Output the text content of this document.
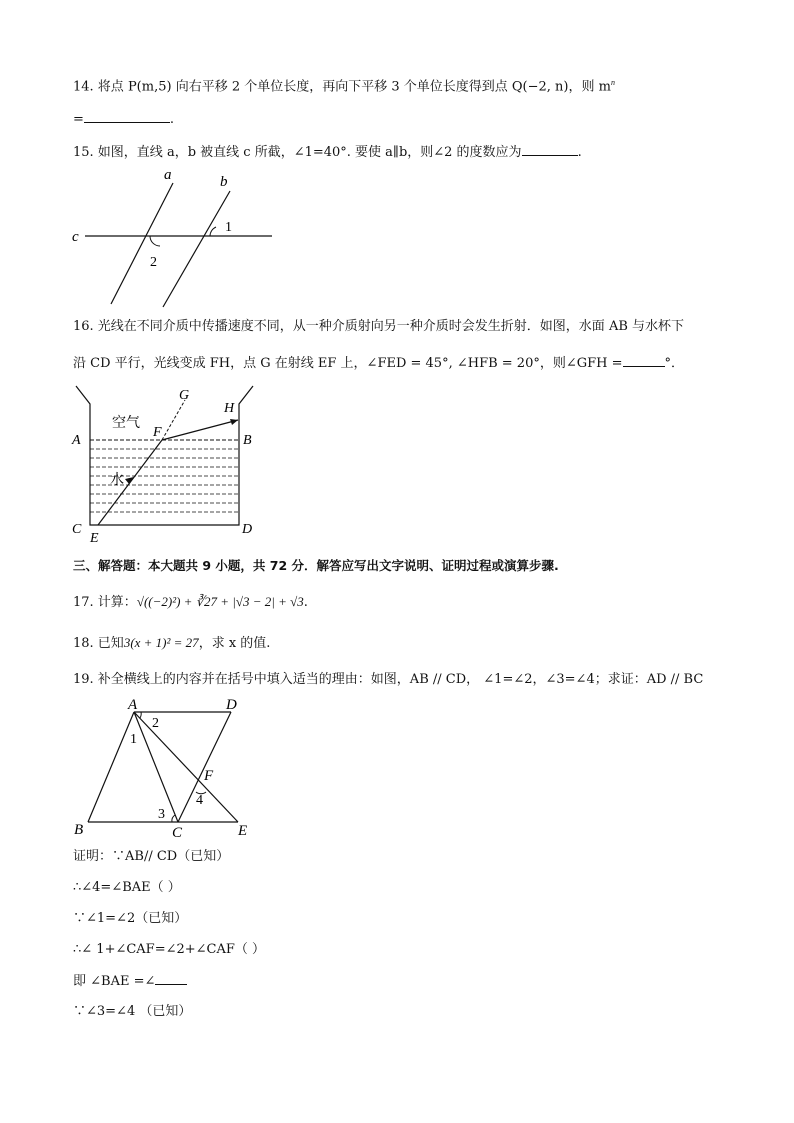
14. 将点 P(m,5) 向右平移 2 个单位长度，再向下平移 3 个单位长度得到点 Q(−2, n)，则 $m^n$
=	.
15. 如图，直线 a，b 被直线 c 所截，∠1=40°. 要使 a∥b，则∠2 的度数应为	.
a	b
c
1
2
16. 光线在不同介质中传播速度不同，从一种介质射向另一种介质时会发生折射．如图，水面 AB 与水杯下
沿 CD 平行，光线变成 FH，点 G 在射线 EF 上，∠FED = 45°, ∠HFB = 20°，则∠GFH =	°．
空气
水
A	B
C	D
E
F
G
H
三、解答题：本大题共 9 小题，共 72 分．解答应写出文字说明、证明过程或演算步骤.
17. 计算：√((−2)²) + ∛27 + |√3 − 2| + √3.
18. 已知3(x + 1)² = 27，求 x 的值.
19. 补全横线上的内容并在括号中填入适当的理由：如图，AB // CD， ∠1=∠2，∠3=∠4；求证：AD // BC
A	D
B	C	E
F
1
2
3
4
证明：∵AB// CD（已知）
∴∠4=∠BAE（ ）
∵∠1=∠2（已知）
∴∠ 1+∠CAF=∠2+∠CAF（ ）
即 ∠BAE =∠
∵∠3=∠4 （已知）
